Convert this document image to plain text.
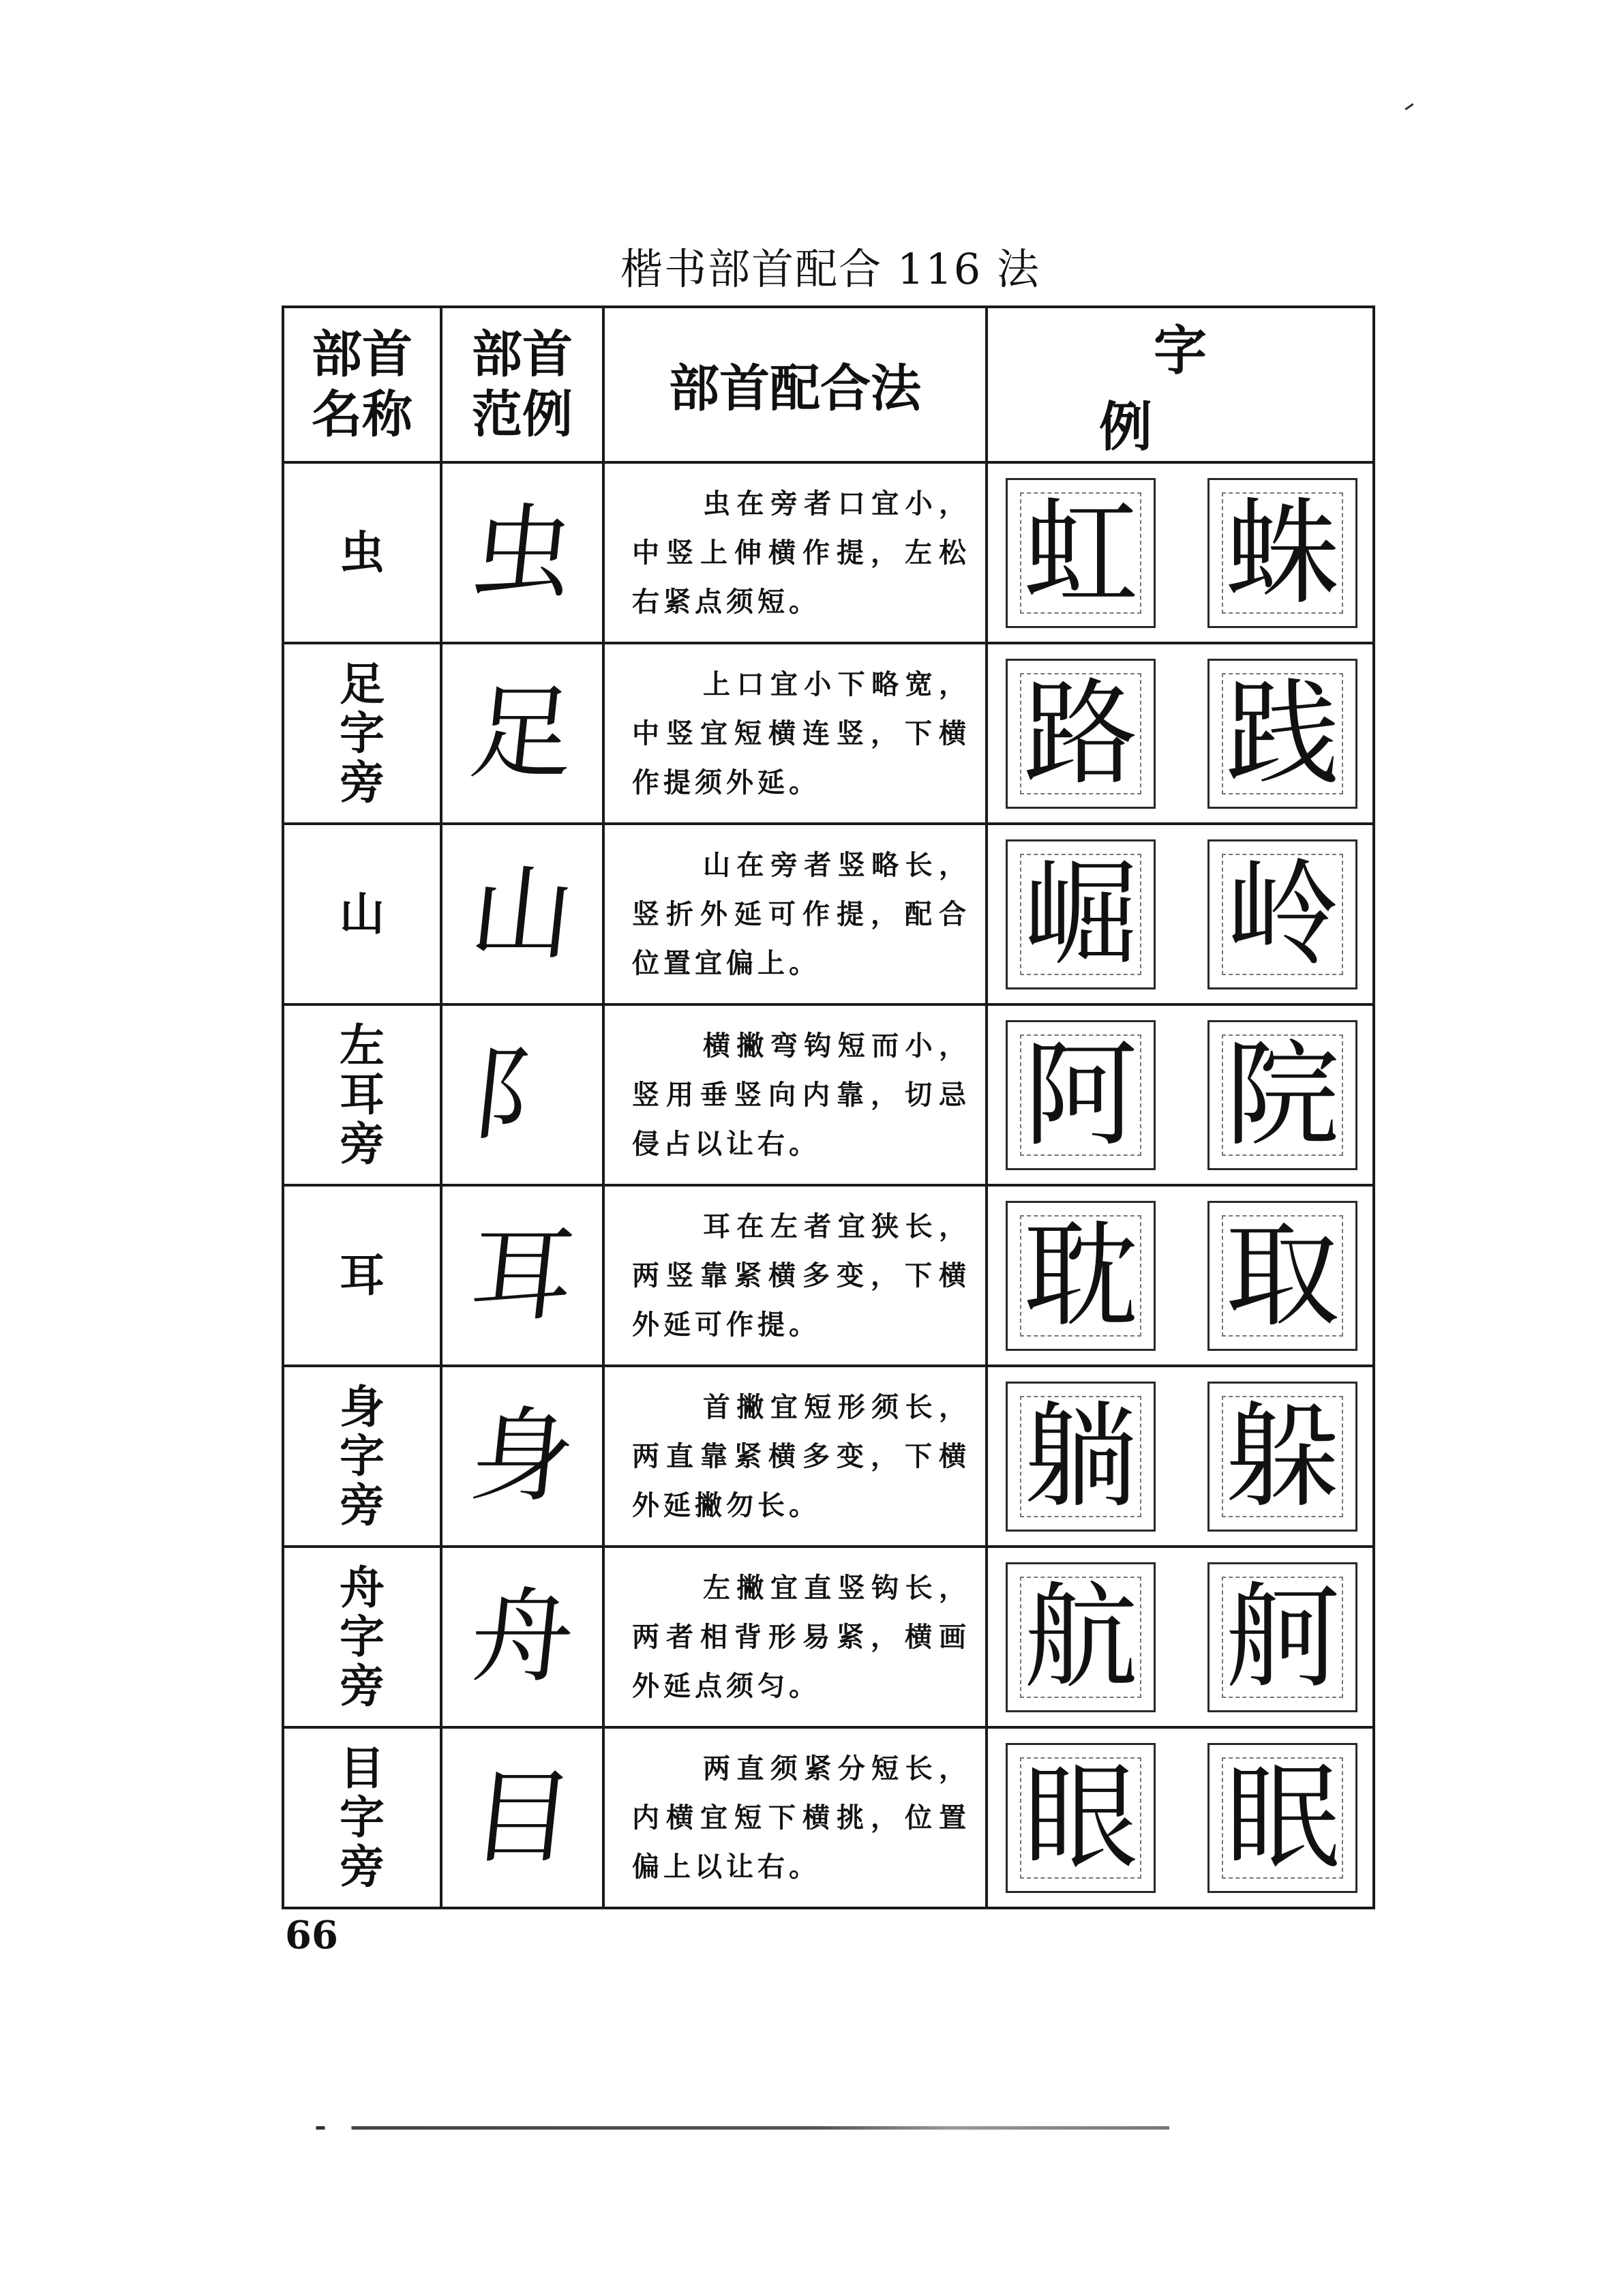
楷书部首配合 116 法
部首名称	部首范例	部首配合法	字例
虫	虫	虫在旁者口宜小，中竖上伸横作提，左松右紧点须短。	虹 蛛

足字旁	足	上口宜小下略宽，中竖宜短横连竖，下横作提须外延。	路 践

山	山	山在旁者竖略长，竖折外延可作提，配合位置宜偏上。	崛 岭

左耳旁	阝	横撇弯钩短而小，竖用垂竖向内靠，切忌侵占以让右。	阿 院

耳	耳	耳在左者宜狭长，两竖靠紧横多变，下横外延可作提。	耽 取

身字旁	身	首撇宜短形须长，两直靠紧横多变，下横外延撇勿长。	躺 躲

舟字旁	舟	左撇宜直竖钩长，两者相背形易紧，横画外延点须匀。	航 舸

目字旁	目	两直须紧分短长，内横宜短下横挑，位置偏上以让右。	眼 眠
66
